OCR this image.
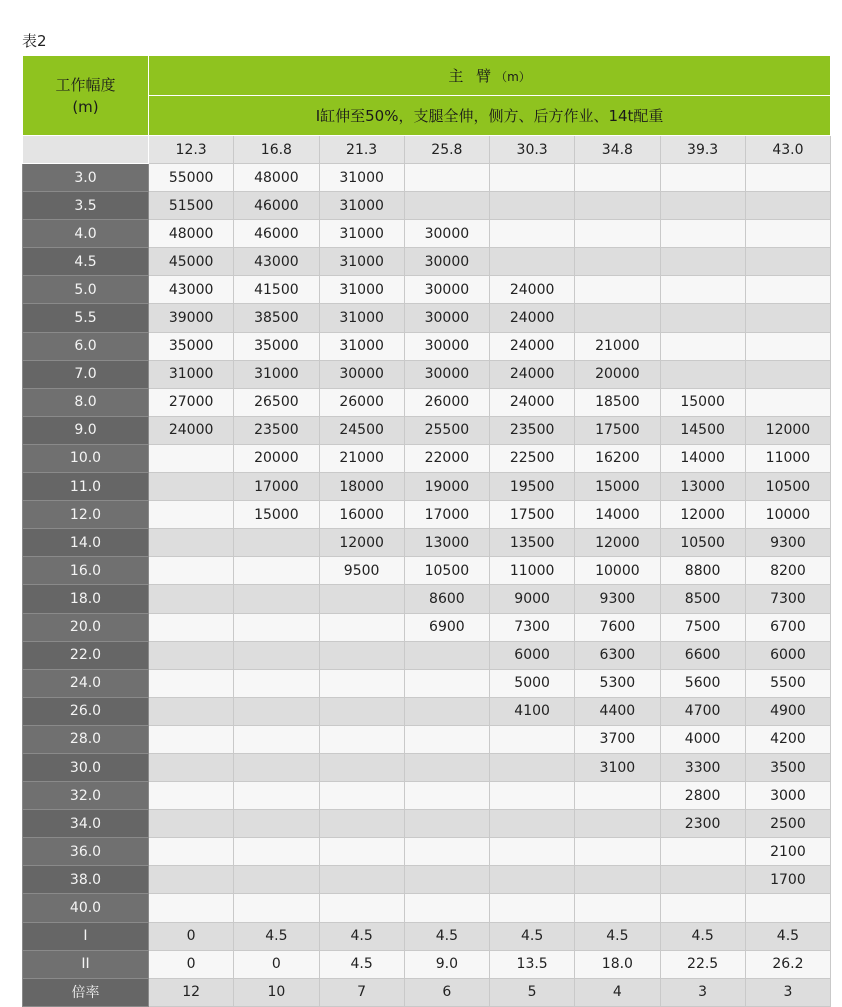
表2
工作幅度
(m)	主 臂（m）							
	I缸伸至50%，支腿全伸，侧方、后方作业、14t配重							
	12.3	16.8	21.3	25.8	30.3	34.8	39.3	43.0
3.0	55000	48000	31000					
3.5	51500	46000	31000					
4.0	48000	46000	31000	30000				
4.5	45000	43000	31000	30000				
5.0	43000	41500	31000	30000	24000			
5.5	39000	38500	31000	30000	24000			
6.0	35000	35000	31000	30000	24000	21000		
7.0	31000	31000	30000	30000	24000	20000		
8.0	27000	26500	26000	26000	24000	18500	15000	
9.0	24000	23500	24500	25500	23500	17500	14500	12000
10.0		20000	21000	22000	22500	16200	14000	11000
11.0		17000	18000	19000	19500	15000	13000	10500
12.0		15000	16000	17000	17500	14000	12000	10000
14.0			12000	13000	13500	12000	10500	9300
16.0			9500	10500	11000	10000	8800	8200
18.0				8600	9000	9300	8500	7300
20.0				6900	7300	7600	7500	6700
22.0					6000	6300	6600	6000
24.0					5000	5300	5600	5500
26.0					4100	4400	4700	4900
28.0						3700	4000	4200
30.0						3100	3300	3500
32.0							2800	3000
34.0							2300	2500
36.0								2100
38.0								1700
40.0								
I	0	4.5	4.5	4.5	4.5	4.5	4.5	4.5
II	0	0	4.5	9.0	13.5	18.0	22.5	26.2
倍率	12	10	7	6	5	4	3	3
